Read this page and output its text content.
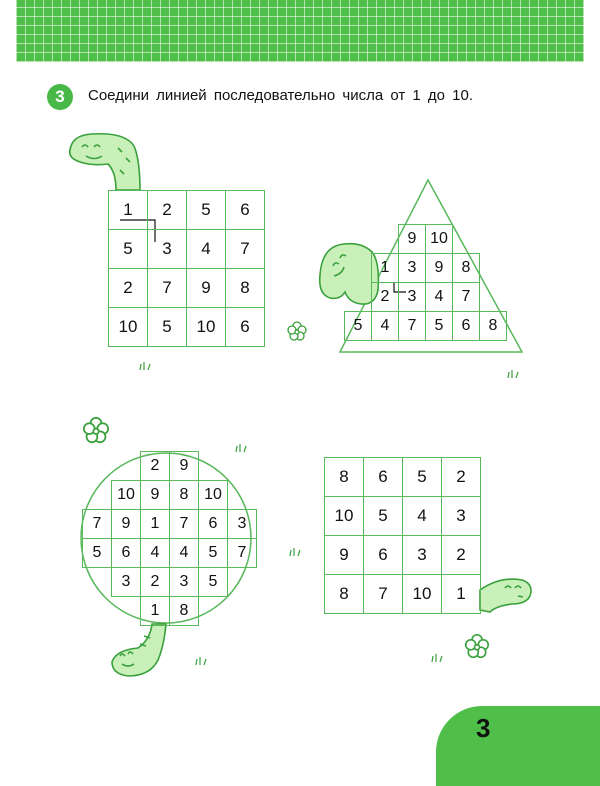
3	Соедини линией последовательно числа от 1 до 10.
1	2	5	6
5	3	4	7
2	7	9	8
10	5	10	6
		9	10		
	1	3	9	8	
	2	3	4	7	
5	4	7	5	6	8
		2	9		
	10	9	8	10	
7	9	1	7	6	3
5	6	4	4	5	7
	3	2	3	5	
		1	8		
8	6	5	2
10	5	4	3
9	6	3	2
8	7	10	1
3
